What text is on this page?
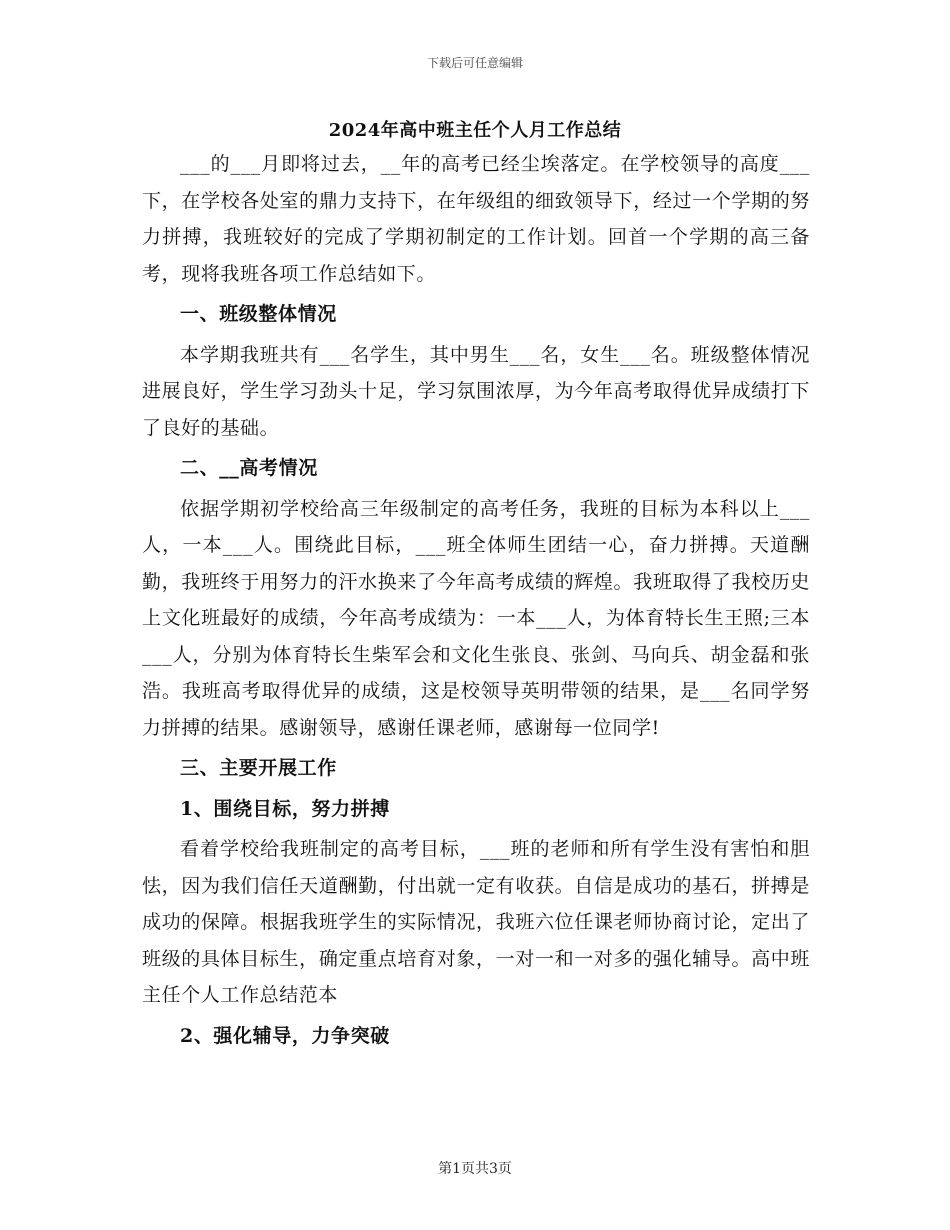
下载后可任意编辑
2024年高中班主任个人月工作总结

___的___月即将过去，__年的高考已经尘埃落定。在学校领导的高度___下，在学校各处室的鼎力支持下，在年级组的细致领导下，经过一个学期的努力拼搏，我班较好的完成了学期初制定的工作计划。回首一个学期的高三备考，现将我班各项工作总结如下。

一、班级整体情况

本学期我班共有___名学生，其中男生___名，女生___名。班级整体情况进展良好，学生学习劲头十足，学习氛围浓厚，为今年高考取得优异成绩打下了良好的基础。

二、__高考情况

依据学期初学校给高三年级制定的高考任务，我班的目标为本科以上___人，一本___人。围绕此目标，___班全体师生团结一心，奋力拼搏。天道酬勤，我班终于用努力的汗水换来了今年高考成绩的辉煌。我班取得了我校历史上文化班最好的成绩，今年高考成绩为：一本___人，为体育特长生王照;三本___人，分别为体育特长生柴军会和文化生张良、张剑、马向兵、胡金磊和张浩。我班高考取得优异的成绩，这是校领导英明带领的结果，是___名同学努力拼搏的结果。感谢领导，感谢任课老师，感谢每一位同学!

三、主要开展工作

1、围绕目标，努力拼搏

看着学校给我班制定的高考目标，___班的老师和所有学生没有害怕和胆怯，因为我们信任天道酬勤，付出就一定有收获。自信是成功的基石，拼搏是成功的保障。根据我班学生的实际情况，我班六位任课老师协商讨论，定出了班级的具体目标生，确定重点培育对象，一对一和一对多的强化辅导。高中班主任个人工作总结范本

2、强化辅导，力争突破

第1页共3页
